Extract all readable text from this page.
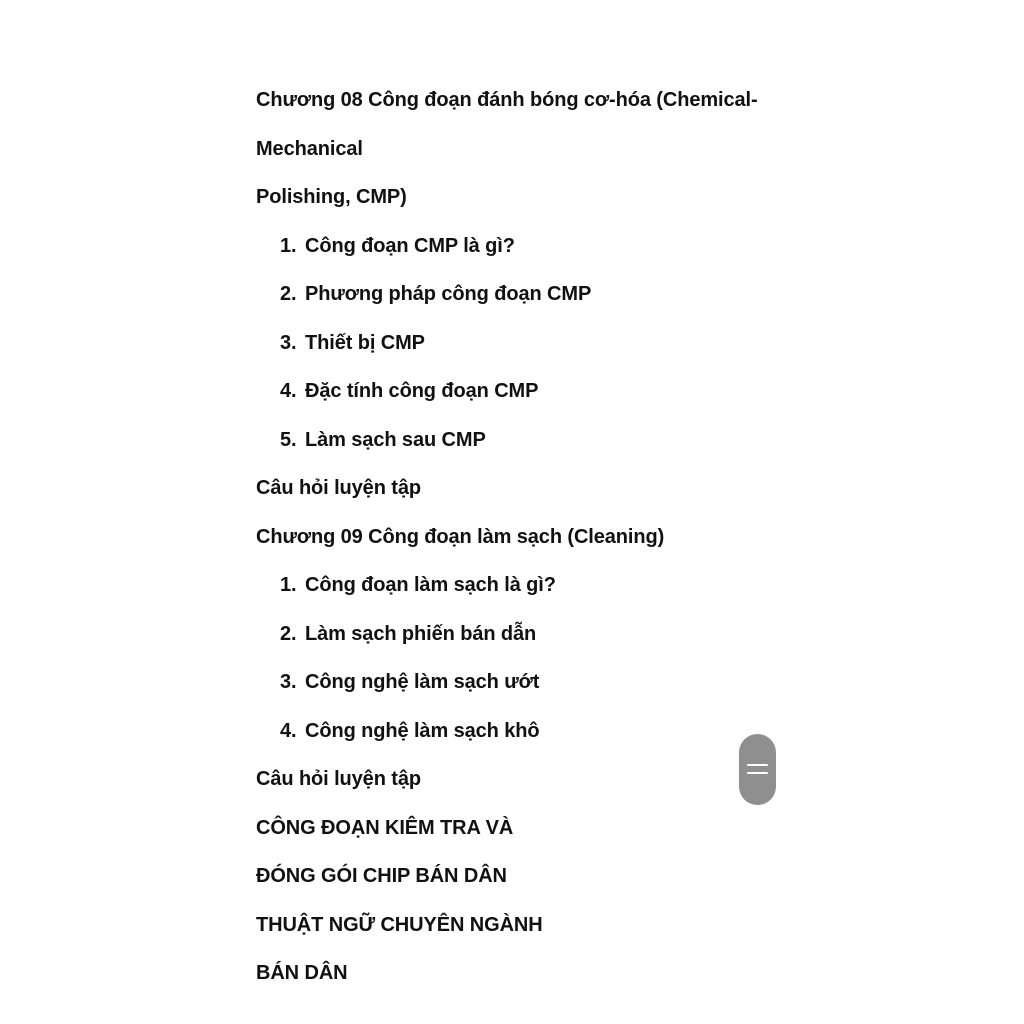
Chương 08 Công đoạn đánh bóng cơ-hóa (Chemical-
Mechanical
Polishing, CMP)
1. Công đoạn CMP là gì?
2. Phương pháp công đoạn CMP
3. Thiết bị CMP
4. Đặc tính công đoạn CMP
5. Làm sạch sau CMP
Câu hỏi luyện tập
Chương 09 Công đoạn làm sạch (Cleaning)
1. Công đoạn làm sạch là gì?
2. Làm sạch phiến bán dẫn
3. Công nghệ làm sạch ướt
4. Công nghệ làm sạch khô
Câu hỏi luyện tập
CÔNG ĐOẠN KIÊM TRA VÀ
ĐÓNG GÓI CHIP BÁN DÂN
THUẬT NGỮ CHUYÊN NGÀNH
BÁN DÂN
